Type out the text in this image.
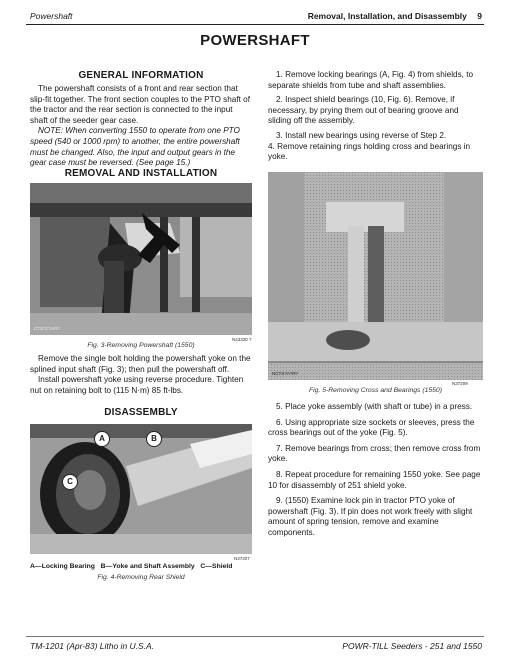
Powershaft	Removal, Installation, and Disassembly 9
POWERSHAFT
GENERAL INFORMATION

The powershaft consists of a front and rear section that slip-fit together. The front section couples to the PTO shaft of the tractor and the rear section is connected to the input shaft of the seeder gear case.

NOTE: When converting 1550 to operate from one PTO speed (540 or 1000 rpm) to another, the entire powershaft must be changed. Also, the input and output gears in the gear case must be reversed. (See page 15.)

REMOVAL AND INSTALLATION
N43330 ?
CTS?C?AR?
Fig. 3-Removing Powershaft (1550)

Remove the single bolt holding the powershaft yoke on the splined input shaft (Fig. 3); then pull the powershaft off.

Install powershaft yoke using reverse procedure. Tighten nut on retaining bolt to (115 N·m) 85 ft-lbs.

DISASSEMBLY
A	B
C
N37207
A—Locking Bearing   B—Yoke and Shaft Assembly   C—Shield
Fig. 4-Removing Rear Shield

1. Remove locking bearings (A, Fig. 4) from shields, to separate shields from tube and shaft assemblies.

2. Inspect shield bearings (10, Fig. 6). Remove, if necessary, by prying them out of bearing groove and sliding off the assembly.

3. Install new bearings using reverse of Step 2.

4. Remove retaining rings holding cross and bearings in yoke.

N37209
NCTS?A?R?
Fig. 5-Removing Cross and Bearings (1550)

5. Place yoke assembly (with shaft or tube) in a press.

6. Using appropriate size sockets or sleeves, press the cross bearings out of the yoke (Fig. 5).

7. Remove bearings from cross; then remove cross from yoke.

8. Repeat procedure for remaining 1550 yoke. See page 10 for disassembly of 251 shield yoke.

9. (1550) Examine lock pin in tractor PTO yoke of powershaft (Fig. 3). If pin does not work freely with slight amount of spring tension, remove and examine components.

TM-1201 (Apr-83) Litho in U.S.A.	POWR-TILL Seeders - 251 and 1550
